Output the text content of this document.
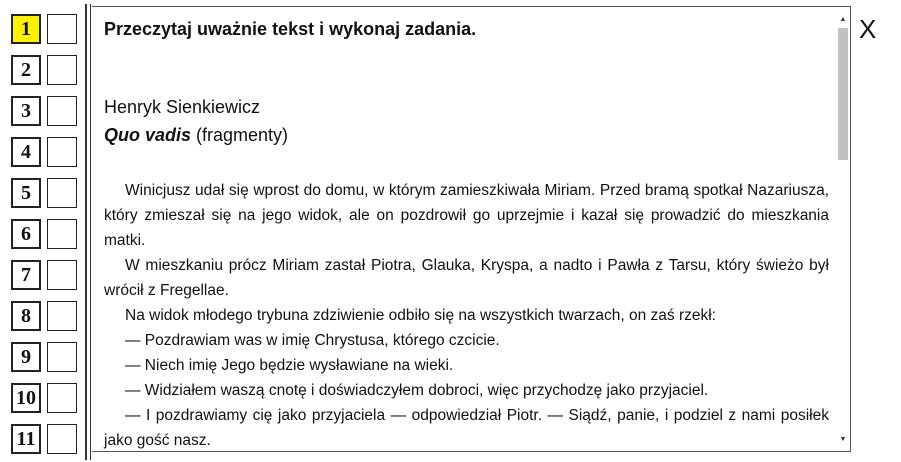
1
2
3
4
5
6
7
8
9
10
11
Przeczytaj uważnie tekst i wykonaj zadania.
Henryk Sienkiewicz
Quo vadis (fragmenty)

Winicjusz udał się wprost do domu, w którym zamieszkiwała Miriam. Przed bramą spotkał Nazariusza, który zmieszał się na jego widok, ale on pozdrowił go uprzejmie i kazał się prowadzić do mieszkania matki.

W mieszkaniu prócz Miriam zastał Piotra, Glauka, Kryspa, a nadto i Pawła z Tarsu, który świeżo był wrócił z Fregellae.

Na widok młodego trybuna zdziwienie odbiło się na wszystkich twarzach, on zaś rzekł:

— Pozdrawiam was w imię Chrystusa, którego czcicie.

— Niech imię Jego będzie wysławiane na wieki.

— Widziałem waszą cnotę i doświadczyłem dobroci, więc przychodzę jako przyjaciel.

— I pozdrawiamy cię jako przyjaciela — odpowiedział Piotr. — Siądź, panie, i podziel z nami posiłek jako gość nasz.

▲
▼
X
